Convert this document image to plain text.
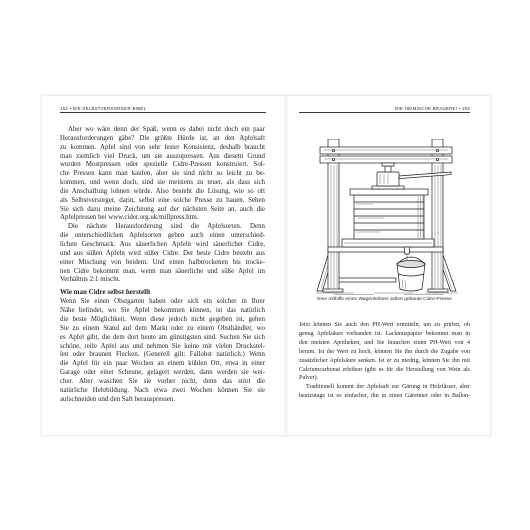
152 • DIE SELBSTVERSORGER-BIBEL	DIE HEIMISCHE BRAUEREI • 153
Aber wo wäre denn der Spaß, wenn es dabei nicht doch ein paar
Herausforderungen gäbe? Die größte Hürde ist, an den Apfelsaft
zu kommen. Äpfel sind von sehr fester Konsistenz, deshalb braucht
man ziemlich viel Druck, um sie auszupressen. Aus diesem Grund
wurden Mostpressen oder spezielle Cidre-Pressen konstruiert. Sol-
che Pressen kann man kaufen, aber sie sind nicht so leicht zu be-
kommen, und wenn doch, sind sie meistens zu teuer, als dass sich
die Anschaffung lohnen würde. Also besteht die Lösung, wie so oft
als Selbstversorger, darin, selbst eine solche Presse zu bauen. Sehen
Sie sich dazu meine Zeichnung auf der nächsten Seite an, auch die
Apfelpressen bei www.cider.org.uk/millpress.htm.
Die nächste Herausforderung sind die Apfelsorten. Denn
die unterschiedlichen Apfelsorten geben auch einen unterschied-
lichen Geschmack. Aus säuerlichen Äpfeln wird säuerlicher Cidre,
und aus süßen Äpfeln wird süßer Cidre. Der beste Cidre besteht aus
einer Mischung von beidem. Und einen halbtrockenen bis trocke-
nen Cidre bekommt man, wenn man säuerliche und süße Äpfel im
Verhältnis 2:1 mischt.
Wie man Cidre selbst herstellt
Wenn Sie einen Obstgarten haben oder sich ein solcher in Ihrer
Nähe befindet, wo Sie Äpfel bekommen können, ist das natürlich
die beste Möglichkeit. Wenn diese jedoch nicht gegeben ist, gehen
Sie zu einem Stand auf dem Markt oder zu einem Obsthändler, wo
es Äpfel gibt, die dem dort heute am günstigsten sind. Suchen Sie sich
schöne, reife Äpfel aus und nehmen Sie keine mit vielen Druckstel-
len oder braunen Flecken. (Generell gilt: Fallobst natürlich.) Wenn
die Äpfel für ein paar Wochen an einem kühlen Ort, etwa in einer
Garage oder einer Scheune, gelagert werden, dann werden sie wei-
cher. Aber waschen Sie sie vorher nicht, denn das stört die
natürliche Hefebildung. Nach etwa zwei Wochen können Sie sie
aufschneiden und den Saft herauspressen.
Eine mithilfe eines Wagenhebers selbst gebaute Cidre-Presse
Jetzt können Sie auch den PH-Wert ermitteln, um zu prüfen, ob
genug Apfelsäure vorhanden ist. Lackmuspapier bekommt man in
den meisten Apotheken, und Sie brauchen einen PH-Wert von 4
herum. Ist der Wert zu hoch, können Sie ihn durch die Zugabe von
zusätzlicher Apfelsäure senken. Ist er zu niedrig, können Sie ihn mit
Calciumcarbonat erhöhen (gibt es für die Herstellung von Wein als
Pulver).
Traditionell kommt der Apfelsaft zur Gärung in Holzfässer, aber
heutzutage ist es einfacher, ihn in einen Gäreimer oder in Ballon-
